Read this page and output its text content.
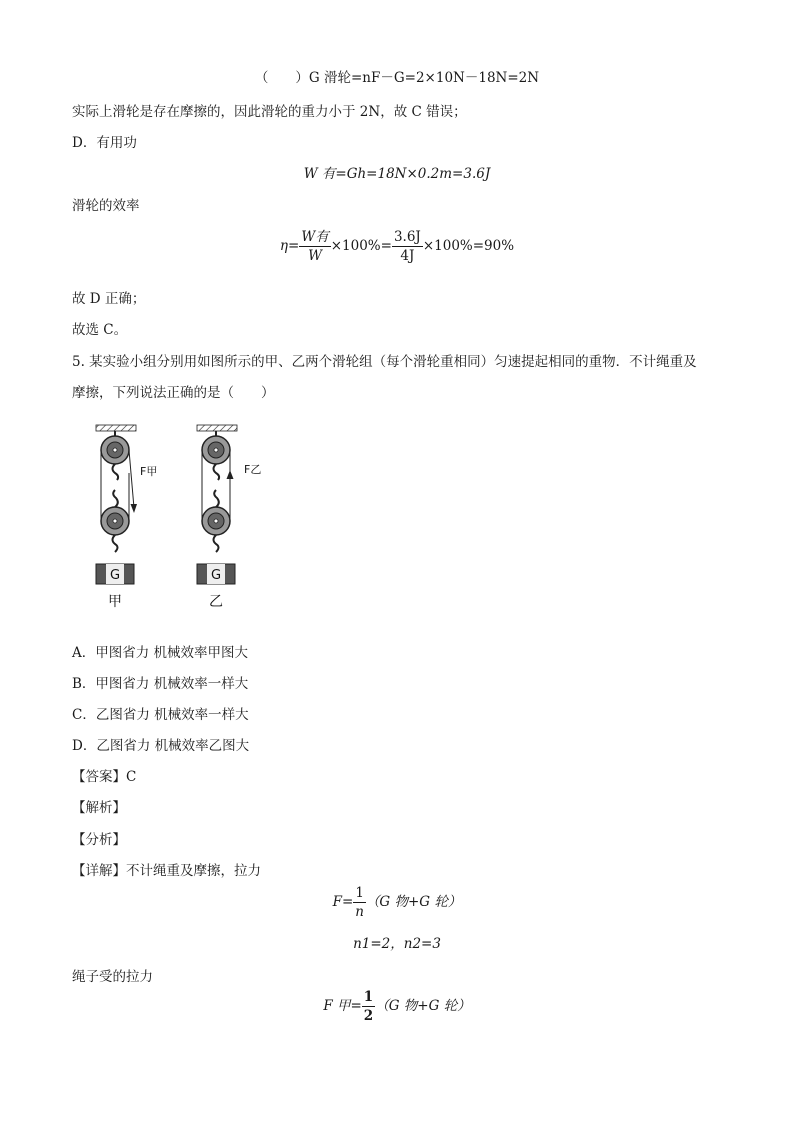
（　　）G 滑轮=nF－G=2×10N－18N=2N
实际上滑轮是存在摩擦的，因此滑轮的重力小于 2N，故 C 错误；
D．有用功
W 有=Gh=18N×0.2m=3.6J
滑轮的效率
$\eta= \frac{\text{W有}}{W} \times 100\%= \frac{3.6J}{4J} \times 100\%=90\%$
故 D 正确；
故选 C。
5. 某实验小组分别用如图所示的甲、乙两个滑轮组（每个滑轮重相同）匀速提起相同的重物．不计绳重及
摩擦，下列说法正确的是（　　）
G
F甲
甲
G
F乙
乙
A．甲图省力 机械效率甲图大
B．甲图省力 机械效率一样大
C．乙图省力 机械效率一样大
D．乙图省力 机械效率乙图大
【答案】C
【解析】
【分析】
【详解】不计绳重及摩擦，拉力
$F= \frac{1}{n} (G$ 物+G 轮）
n1=2，n2=3
绳子受的拉力
F 甲= $\frac{1}{2} (G$ 物+G 轮）
